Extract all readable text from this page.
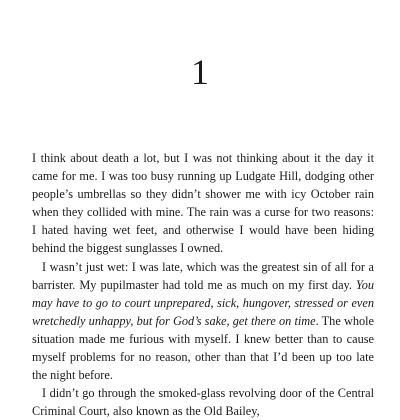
1

I think about death a lot, but I was not thinking about it the day it came for me. I was too busy running up Ludgate Hill, dodging other people’s umbrellas so they didn’t shower me with icy October rain when they collided with mine. The rain was a curse for two reasons: I hated having wet feet, and otherwise I would have been hiding behind the biggest sunglasses I owned.

I wasn’t just wet: I was late, which was the greatest sin of all for a barrister. My pupilmaster had told me as much on my first day. You may have to go to court unprepared, sick, hungover, stressed or even wretchedly unhappy, but for God’s sake, get there on time. The whole situation made me furious with myself. I knew better than to cause myself problems for no reason, other than that I’d been up too late the night before.

I didn’t go through the smoked-glass revolving door of the Central Criminal Court, also known as the Old Bailey,
